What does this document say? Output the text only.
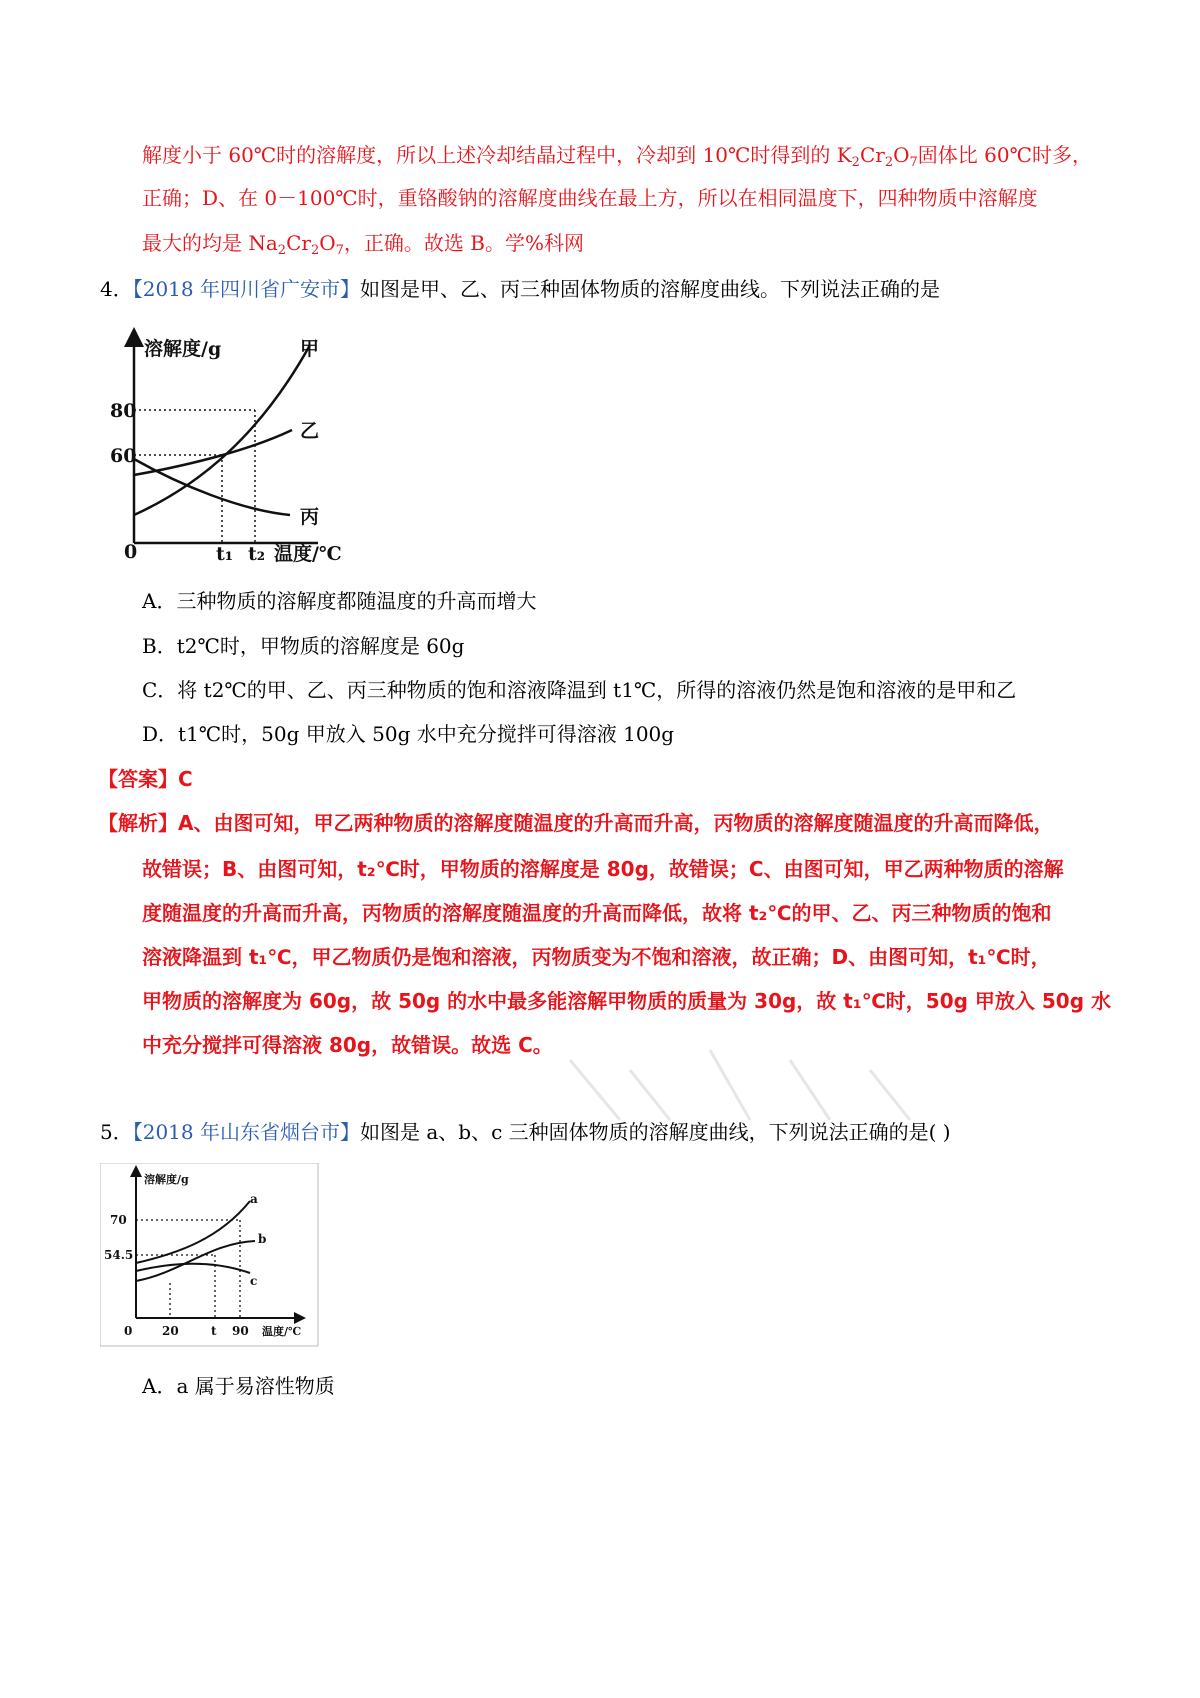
解度小于 60℃时的溶解度，所以上述冷却结晶过程中，冷却到 10℃时得到的 $K_2Cr_2O_7$固体比 60℃时多，
正确；D、在 0－100℃时，重铬酸钠的溶解度曲线在最上方，所以在相同温度下，四种物质中溶解度
最大的均是 $Na_2Cr_2O_7$，正确。故选 B。学%科网
4．【2018 年四川省广安市】如图是甲、乙、丙三种固体物质的溶解度曲线。下列说法正确的是
溶解度/g
80
60
0	t₁ t₂ 温度/℃
甲
乙
丙
A．三种物质的溶解度都随温度的升高而增大
B．t2℃时，甲物质的溶解度是 60g
C．将 t2℃的甲、乙、丙三种物质的饱和溶液降温到 t1℃，所得的溶液仍然是饱和溶液的是甲和乙
D．t1℃时，50g 甲放入 50g 水中充分搅拌可得溶液 100g
【答案】C
【解析】A、由图可知，甲乙两种物质的溶解度随温度的升高而升高，丙物质的溶解度随温度的升高而降低，
故错误；B、由图可知，t₂℃时，甲物质的溶解度是 80g，故错误；C、由图可知，甲乙两种物质的溶解
度随温度的升高而升高，丙物质的溶解度随温度的升高而降低，故将 t₂℃的甲、乙、丙三种物质的饱和
溶液降温到 t₁℃，甲乙物质仍是饱和溶液，丙物质变为不饱和溶液，故正确；D、由图可知，t₁℃时，
甲物质的溶解度为 60g，故 50g 的水中最多能溶解甲物质的质量为 30g，故 t₁℃时，50g 甲放入 50g 水
中充分搅拌可得溶液 80g，故错误。故选 C。
5．【2018 年山东省烟台市】如图是 a、b、c 三种固体物质的溶解度曲线，下列说法正确的是( )
溶解度/g
70
54.5
0 20	t 90 温度/℃
a
b
c
A．a 属于易溶性物质
